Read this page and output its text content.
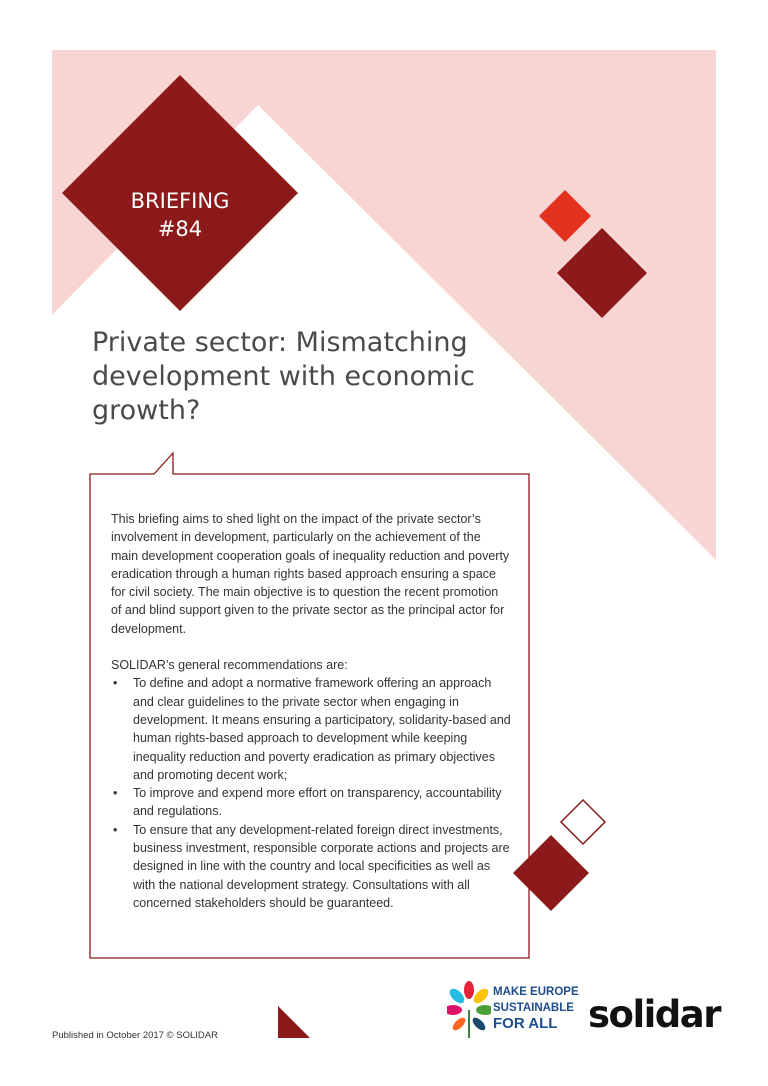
BRIEFING
#84
Private sector: Mismatching development with economic growth?

This briefing aims to shed light on the impact of the private sector’s involvement in development, particularly on the achievement of the main development cooperation goals of inequality reduction and poverty eradication through a human rights based approach ensuring a space for civil society. The main objective is to question the recent promotion of and blind support given to the private sector as the principal actor for development.

SOLIDAR’s general recommendations are:

• To define and adopt a normative framework offering an approach and clear guidelines to the private sector when engaging in development. It means ensuring a participatory, solidarity-based and human rights-based approach to development while keeping inequality reduction and poverty eradication as primary objectives and promoting decent work;
• To improve and expend more effort on transparency, accountability and regulations.
• To ensure that any development-related foreign direct investments, business investment, responsible corporate actions and projects are designed in line with the country and local specificities as well as with the national development strategy. Consultations with all concerned stakeholders should be guaranteed.
Published in October 2017 © SOLIDAR
MAKE EUROPE
SUSTAINABLE
FOR ALL solidar
